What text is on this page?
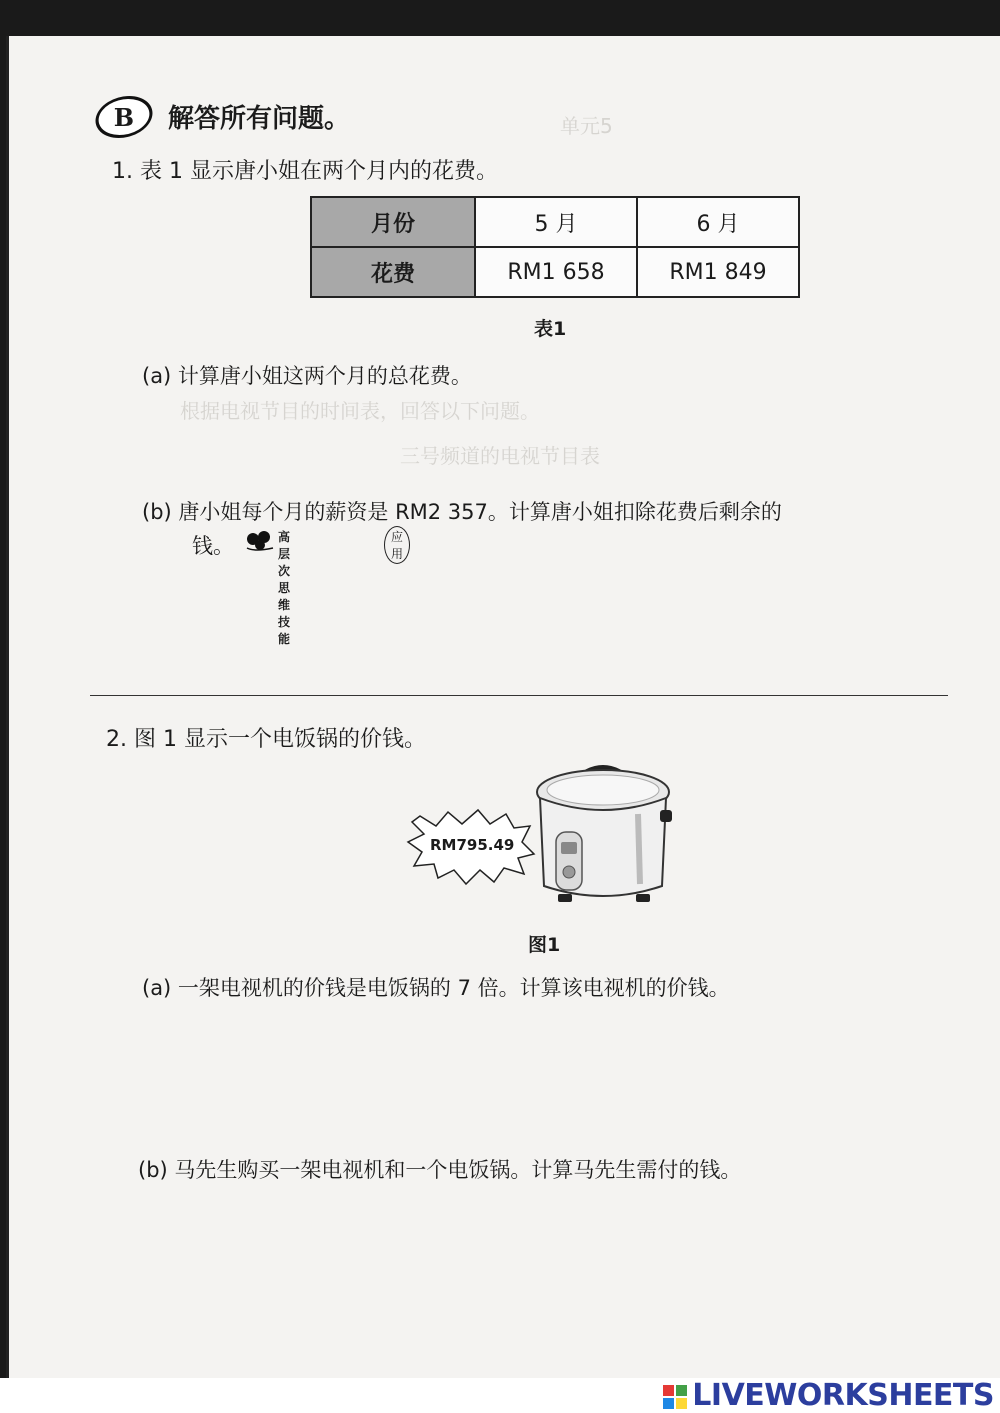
单元5
根据电视节目的时间表，回答以下问题。
三号频道的电视节目表
B	解答所有问题。
1. 表 1 显示唐小姐在两个月内的花费。
月份	5 月	6 月
花费	RM1 658	RM1 849
表1
(a) 计算唐小姐这两个月的总花费。
(b) 唐小姐每个月的薪资是 RM2 357。计算唐小姐扣除花费后剩余的
钱。	高层次思维技能
应用
2. 图 1 显示一个电饭锅的价钱。
RM795.49
图1
(a) 一架电视机的价钱是电饭锅的 7 倍。计算该电视机的价钱。
(b) 马先生购买一架电视机和一个电饭锅。计算马先生需付的钱。
LIVEWORKSHEETS
